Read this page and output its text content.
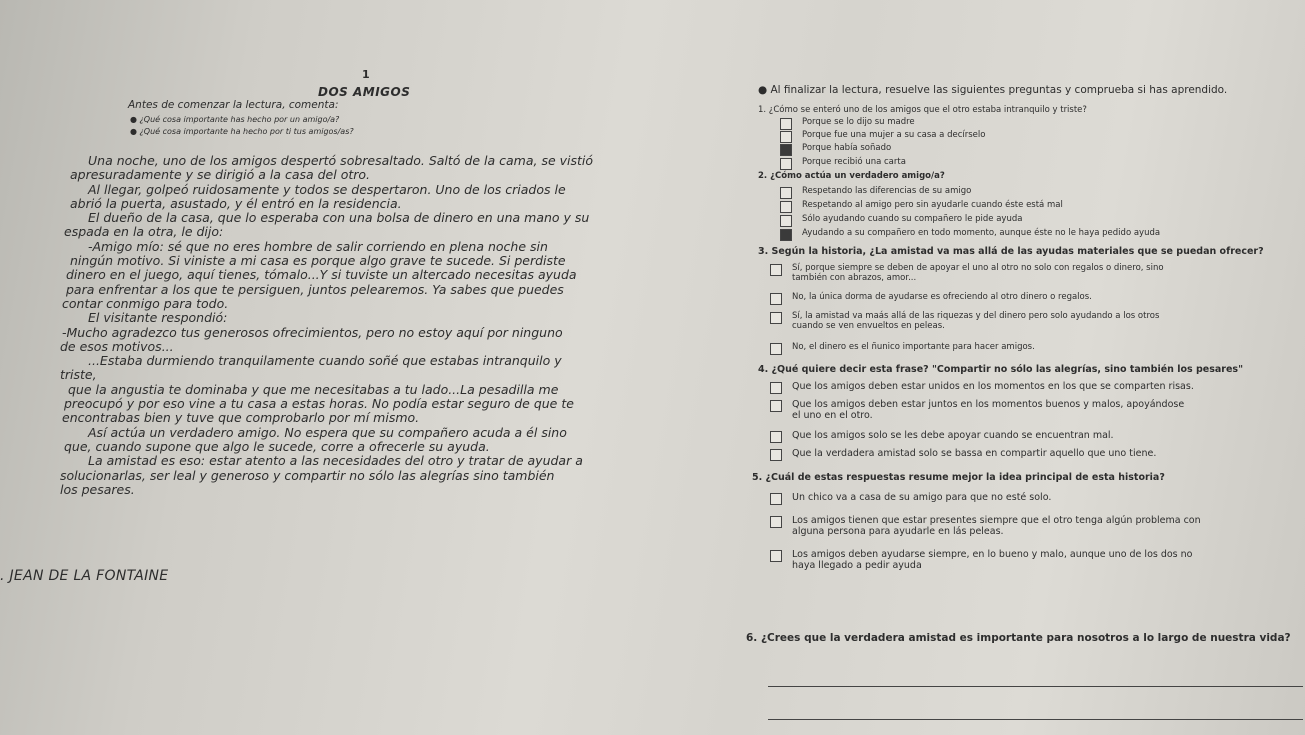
1
DOS AMIGOS
Antes de comenzar la lectura, comenta:
● ¿Qué cosa importante has hecho por un amigo/a?
● ¿Qué cosa importante ha hecho por ti tus amigos/as?

Una noche, uno de los amigos despertó sobresaltado. Saltó de la cama, se vistió

apresuradamente y se dirigió a la casa del otro.

Al llegar, golpeó ruidosamente y todos se despertaron. Uno de los criados le

abrió la puerta, asustado, y él entró en la residencia.

El dueño de la casa, que lo esperaba con una bolsa de dinero en una mano y su

espada en la otra, le dijo:

-Amigo mío: sé que no eres hombre de salir corriendo en plena noche sin

ningún motivo. Si viniste a mi casa es porque algo grave te sucede. Si perdiste

dinero en el juego, aquí tienes, tómalo...Y si tuviste un altercado necesitas ayuda

para enfrentar a los que te persiguen, juntos pelearemos. Ya sabes que puedes

contar conmigo para todo.

El visitante respondió:

-Mucho agradezco tus generosos ofrecimientos, pero no estoy aquí por ninguno

de esos motivos...

...Estaba durmiendo tranquilamente cuando soñé que estabas intranquilo y triste,

que la angustia te dominaba y que me necesitabas a tu lado...La pesadilla me

preocupó y por eso vine a tu casa a estas horas. No podía estar seguro de que te

encontrabas bien y tuve que comprobarlo por mí mismo.

Así actúa un verdadero amigo. No espera que su compañero acuda a él sino

que, cuando supone que algo le sucede, corre a ofrecerle su ayuda.

La amistad es eso: estar atento a las necesidades del otro y tratar de ayudar a

solucionarlas, ser leal y generoso y compartir no sólo las alegrías sino también

los pesares.

. JEAN DE LA FONTAINE
● Al finalizar la lectura, resuelve las siguientes preguntas y comprueba si has aprendido.
1. ¿Cómo se enteró uno de los amigos que el otro estaba intranquilo y triste?
Porque se lo dijo su madre
Porque fue una mujer a su casa a decírselo
Porque había soñado
Porque recibió una carta
2. ¿Cómo actúa un verdadero amigo/a?
Respetando las diferencias de su amigo
Respetando al amigo pero sin ayudarle cuando éste está mal
Sólo ayudando cuando su compañero le pide ayuda
Ayudando a su compañero en todo momento, aunque éste no le haya pedido ayuda
3. Según la historia, ¿La amistad va mas allá de las ayudas materiales que se puedan ofrecer?
Sí, porque siempre se deben de apoyar el uno al otro no solo con regalos o dinero, sino
también con abrazos, amor...
No, la única dorma de ayudarse es ofreciendo al otro dinero o regalos.
Sí, la amistad va maás allá de las riquezas y del dinero pero solo ayudando a los otros
cuando se ven envueltos en peleas.
No, el dinero es el ñunico importante para hacer amigos.
4. ¿Qué quiere decir esta frase? "Compartir no sólo las alegrías, sino también los pesares"
Que los amigos deben estar unidos en los momentos en los que se comparten risas.
Que los amigos deben estar juntos en los momentos buenos y malos, apoyándose
el uno en el otro.
Que los amigos solo se les debe apoyar cuando se encuentran mal.
Que la verdadera amistad solo se bassa en compartir aquello que uno tiene.
5. ¿Cuál de estas respuestas resume mejor la idea principal de esta historia?
Un chico va a casa de su amigo para que no esté solo.
Los amigos tienen que estar presentes siempre que el otro tenga algún problema con
alguna persona para ayudarle en lás peleas.
Los amigos deben ayudarse siempre, en lo bueno y malo, aunque uno de los dos no
haya llegado a pedir ayuda
6. ¿Crees que la verdadera amistad es importante para nosotros a lo largo de nuestra vida?
